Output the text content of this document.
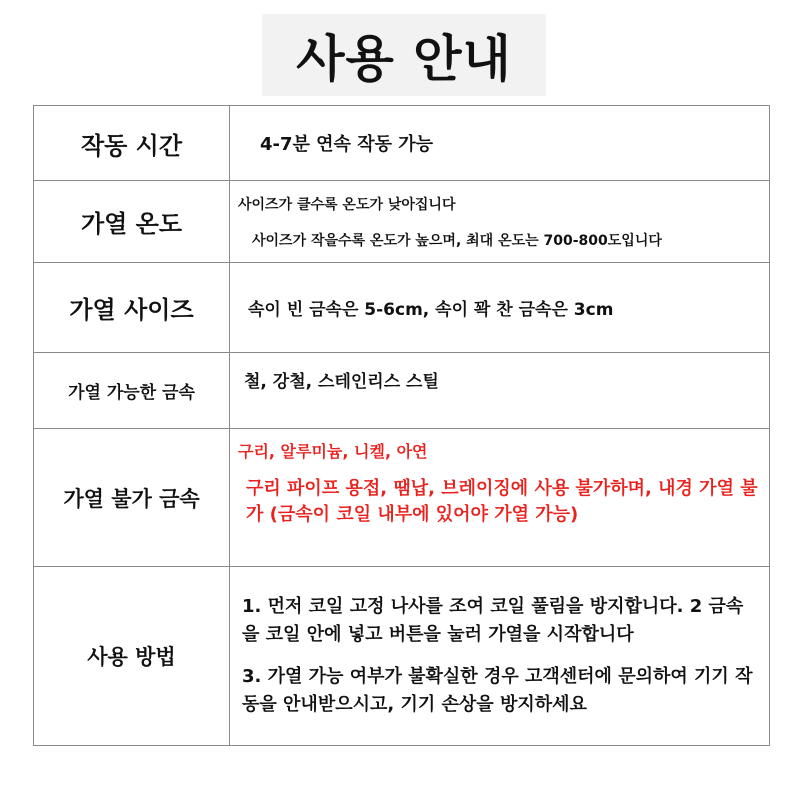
사용 안내
작동 시간	4-7분 연속 작동 가능

가열 온도	사이즈가 클수록 온도가 낮아집니다
사이즈가 작을수록 온도가 높으며, 최대 온도는 700-800도입니다

가열 사이즈	속이 빈 금속은 5-6cm, 속이 꽉 찬 금속은 3cm

가열 가능한 금속	철, 강철, 스테인리스 스틸

가열 불가 금속	구리, 알루미늄, 니켈, 아연
구리 파이프 용접, 땜납, 브레이징에 사용 불가하며, 내경 가열 불가 (금속이 코일 내부에 있어야 가열 가능)

사용 방법	1. 먼저 코일 고정 나사를 조여 코일 풀림을 방지합니다. 2 금속을 코일 안에 넣고 버튼을 눌러 가열을 시작합니다
3. 가열 가능 여부가 불확실한 경우 고객센터에 문의하여 기기 작동을 안내받으시고, 기기 손상을 방지하세요
